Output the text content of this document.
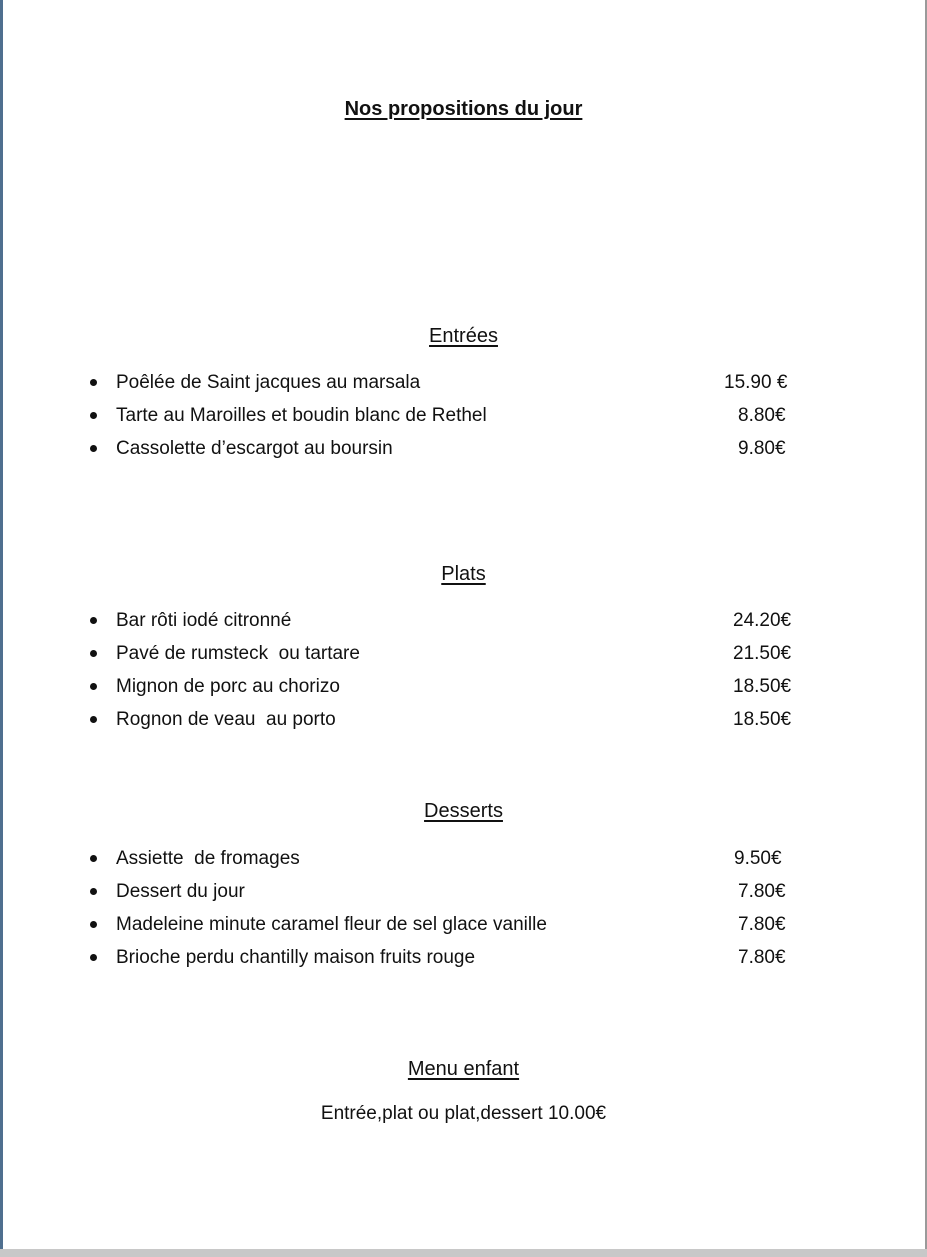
Nos propositions du jour
Entrées
Poêlée de Saint jacques au marsala	15.90 €
Tarte au Maroilles et boudin blanc de Rethel	8.80€
Cassolette d’escargot au boursin	9.80€
Plats
Bar rôti iodé citronné	24.20€
Pavé de rumsteck  ou tartare	21.50€
Mignon de porc au chorizo	18.50€
Rognon de veau  au porto	18.50€
Desserts
Assiette  de fromages	9.50€
Dessert du jour	7.80€
Madeleine minute caramel fleur de sel glace vanille	7.80€
Brioche perdu chantilly maison fruits rouge	7.80€
Menu enfant
Entrée,plat ou plat,dessert 10.00€
